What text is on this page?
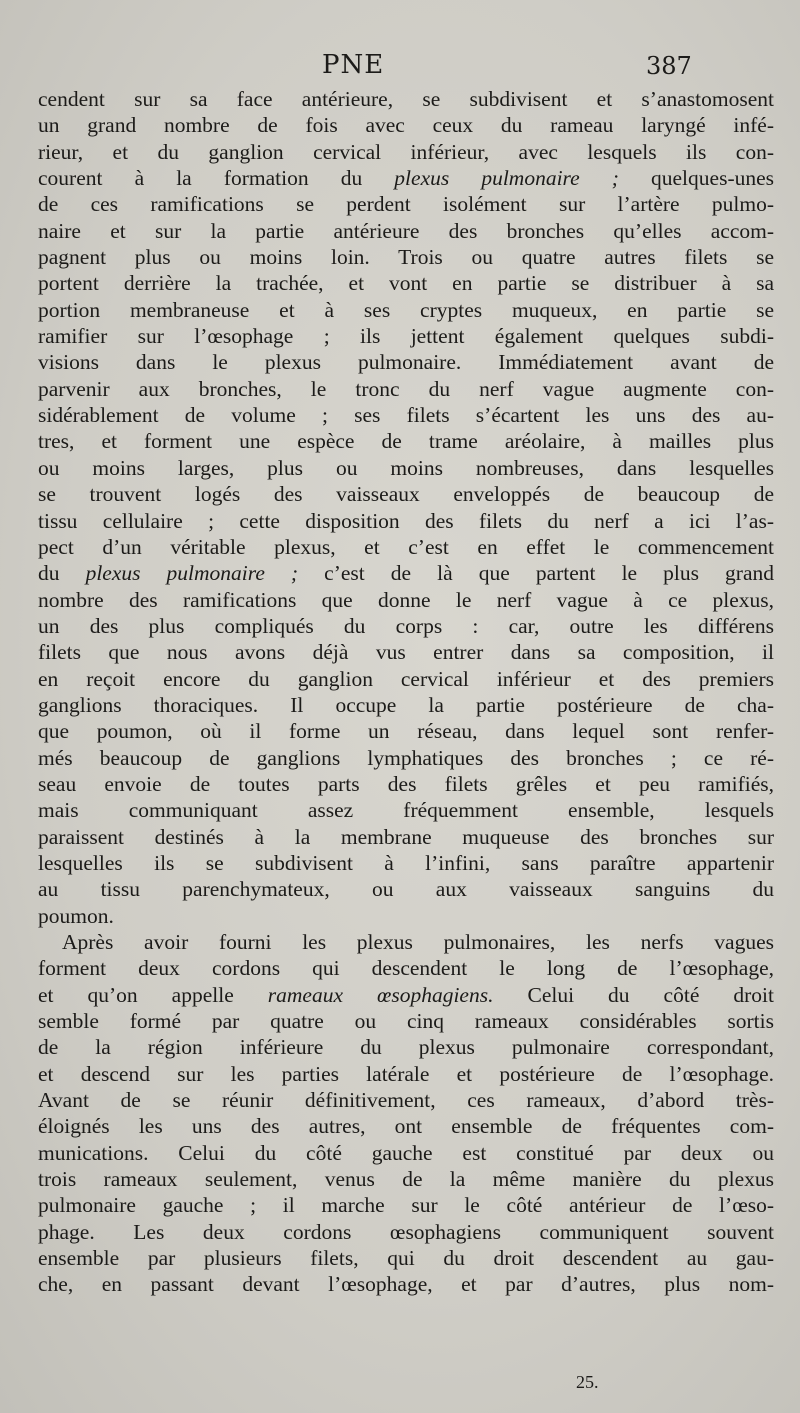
PNE	387
cendent sur sa face antérieure, se subdivisent et s’anastomosent
un grand nombre de fois avec ceux du rameau laryngé infé-
rieur, et du ganglion cervical inférieur, avec lesquels ils con-
courent à la formation du plexus pulmonaire ; quelques-unes
de ces ramifications se perdent isolément sur l’artère pulmo-
naire et sur la partie antérieure des bronches qu’elles accom-
pagnent plus ou moins loin. Trois ou quatre autres filets se
portent derrière la trachée, et vont en partie se distribuer à sa
portion membraneuse et à ses cryptes muqueux, en partie se
ramifier sur l’œsophage ; ils jettent également quelques subdi-
visions dans le plexus pulmonaire. Immédiatement avant de
parvenir aux bronches, le tronc du nerf vague augmente con-
sidérablement de volume ; ses filets s’écartent les uns des au-
tres, et forment une espèce de trame aréolaire, à mailles plus
ou moins larges, plus ou moins nombreuses, dans lesquelles
se trouvent logés des vaisseaux enveloppés de beaucoup de
tissu cellulaire ; cette disposition des filets du nerf a ici l’as-
pect d’un véritable plexus, et c’est en effet le commencement
du plexus pulmonaire ; c’est de là que partent le plus grand
nombre des ramifications que donne le nerf vague à ce plexus,
un des plus compliqués du corps : car, outre les différens
filets que nous avons déjà vus entrer dans sa composition, il
en reçoit encore du ganglion cervical inférieur et des premiers
ganglions thoraciques. Il occupe la partie postérieure de cha-
que poumon, où il forme un réseau, dans lequel sont renfer-
més beaucoup de ganglions lymphatiques des bronches ; ce ré-
seau envoie de toutes parts des filets grêles et peu ramifiés,
mais communiquant assez fréquemment ensemble, lesquels
paraissent destinés à la membrane muqueuse des bronches sur
lesquelles ils se subdivisent à l’infini, sans paraître appartenir
au tissu parenchymateux, ou aux vaisseaux sanguins du
poumon.
Après avoir fourni les plexus pulmonaires, les nerfs vagues
forment deux cordons qui descendent le long de l’œsophage,
et qu’on appelle rameaux œsophagiens. Celui du côté droit
semble formé par quatre ou cinq rameaux considérables sortis
de la région inférieure du plexus pulmonaire correspondant,
et descend sur les parties latérale et postérieure de l’œsophage.
Avant de se réunir définitivement, ces rameaux, d’abord très-
éloignés les uns des autres, ont ensemble de fréquentes com-
munications. Celui du côté gauche est constitué par deux ou
trois rameaux seulement, venus de la même manière du plexus
pulmonaire gauche ; il marche sur le côté antérieur de l’œso-
phage. Les deux cordons œsophagiens communiquent souvent
ensemble par plusieurs filets, qui du droit descendent au gau-
che, en passant devant l’œsophage, et par d’autres, plus nom-
25.
